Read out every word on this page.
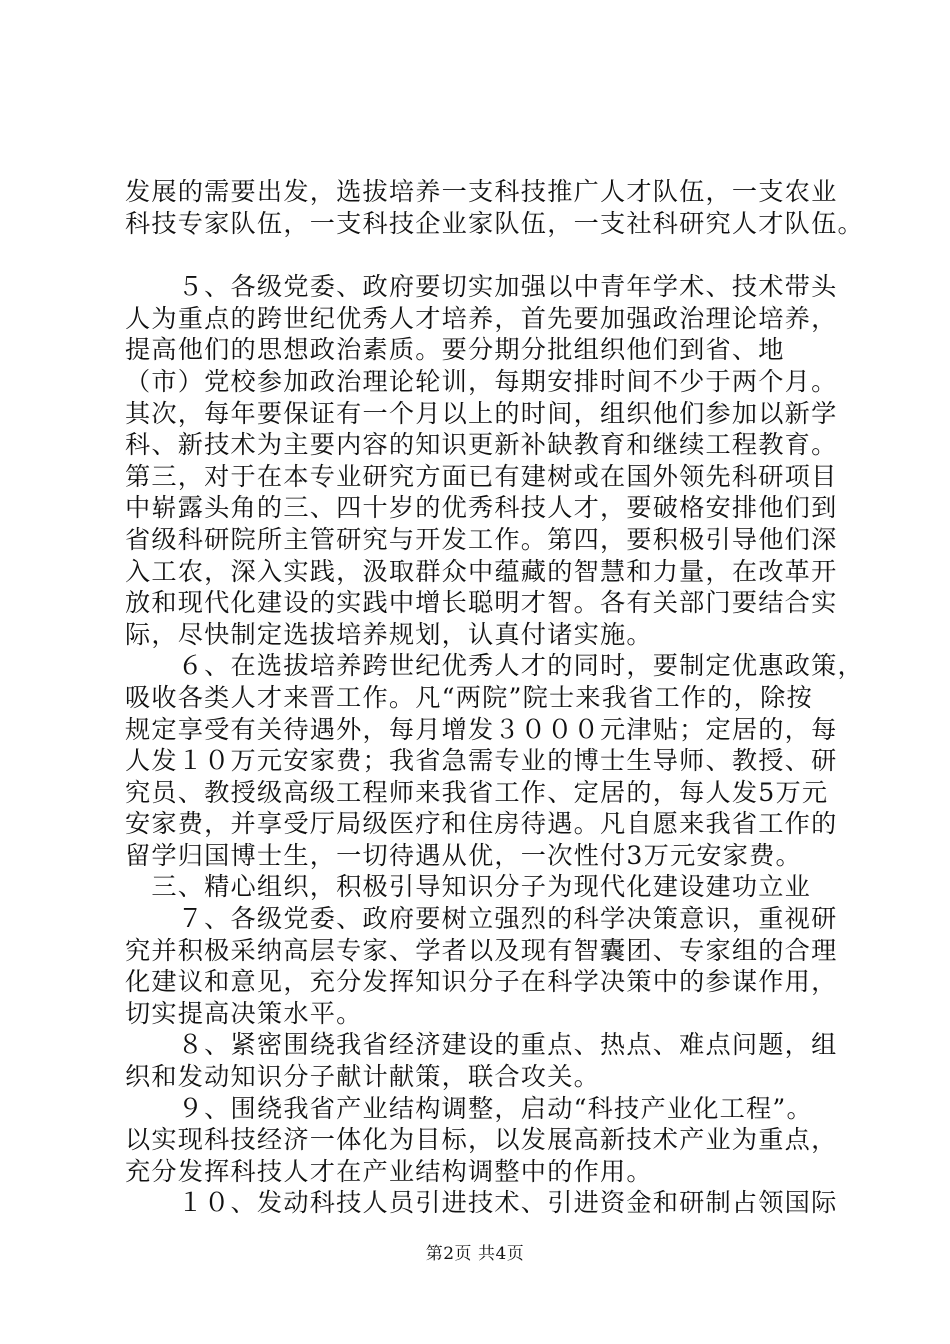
发展的需要出发，选拔培养一支科技推广人才队伍，一支农业
科技专家队伍，一支科技企业家队伍，一支社科研究人才队伍。
　　５、各级党委、政府要切实加强以中青年学术、技术带头
人为重点的跨世纪优秀人才培养，首先要加强政治理论培养，
提高他们的思想政治素质。要分期分批组织他们到省、地
（市）党校参加政治理论轮训，每期安排时间不少于两个月。
其次，每年要保证有一个月以上的时间，组织他们参加以新学
科、新技术为主要内容的知识更新补缺教育和继续工程教育。
第三，对于在本专业研究方面已有建树或在国外领先科研项目
中崭露头角的三、四十岁的优秀科技人才，要破格安排他们到
省级科研院所主管研究与开发工作。第四，要积极引导他们深
入工农，深入实践，汲取群众中蕴藏的智慧和力量，在改革开
放和现代化建设的实践中增长聪明才智。各有关部门要结合实
际，尽快制定选拔培养规划，认真付诸实施。
　　６、在选拔培养跨世纪优秀人才的同时，要制定优惠政策，
吸收各类人才来晋工作。凡“两院”院士来我省工作的，除按
规定享受有关待遇外，每月增发３０００元津贴；定居的，每
人发１０万元安家费；我省急需专业的博士生导师、教授、研
究员、教授级高级工程师来我省工作、定居的，每人发5万元
安家费，并享受厅局级医疗和住房待遇。凡自愿来我省工作的
留学归国博士生，一切待遇从优，一次性付3万元安家费。
　三、精心组织，积极引导知识分子为现代化建设建功立业
　　７、各级党委、政府要树立强烈的科学决策意识，重视研
究并积极采纳高层专家、学者以及现有智囊团、专家组的合理
化建议和意见，充分发挥知识分子在科学决策中的参谋作用，
切实提高决策水平。
　　８、紧密围绕我省经济建设的重点、热点、难点问题，组
织和发动知识分子献计献策，联合攻关。
　　９、围绕我省产业结构调整，启动“科技产业化工程”。
以实现科技经济一体化为目标，以发展高新技术产业为重点，
充分发挥科技人才在产业结构调整中的作用。
　　１０、发动科技人员引进技术、引进资金和研制占领国际
第2页 共4页
